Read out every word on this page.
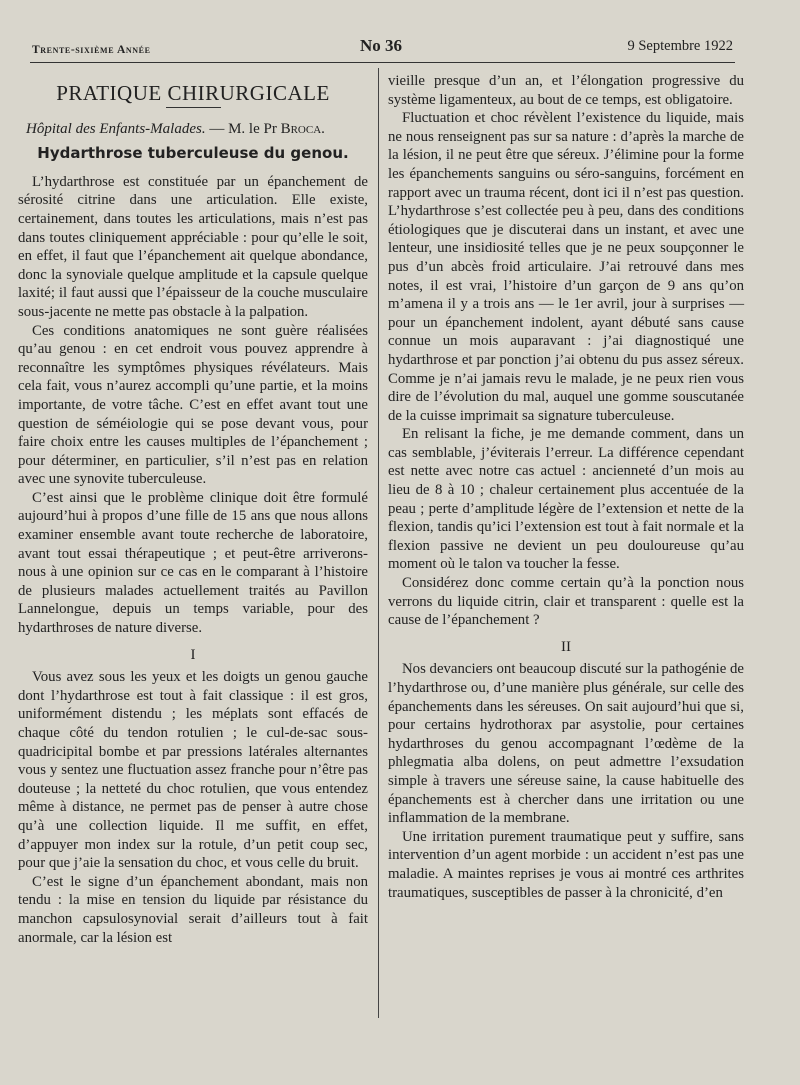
Trente-sixième Année	No 36	9 Septembre 1922
PRATIQUE CHIRURGICALE
Hôpital des Enfants-Malades. — M. le Pr Broca.
Hydarthrose tuberculeuse du genou.

L’hydarthrose est constituée par un épanchement de sérosité citrine dans une articulation. Elle existe, certainement, dans toutes les articulations, mais n’est pas dans toutes cliniquement appréciable : pour qu’elle le soit, en effet, il faut que l’épanchement ait quelque abondance, donc la synoviale quelque amplitude et la capsule quelque laxité; il faut aussi que l’épaisseur de la couche musculaire sous-jacente ne mette pas obstacle à la palpation.

Ces conditions anatomiques ne sont guère réalisées qu’au genou : en cet endroit vous pouvez apprendre à reconnaître les symptômes physiques révélateurs. Mais cela fait, vous n’aurez accompli qu’une partie, et la moins importante, de votre tâche. C’est en effet avant tout une question de séméiologie qui se pose devant vous, pour faire choix entre les causes multiples de l’épanchement ; pour déterminer, en particulier, s’il n’est pas en relation avec une synovite tuberculeuse.

C’est ainsi que le problème clinique doit être formulé aujourd’hui à propos d’une fille de 15 ans que nous allons examiner ensemble avant toute recherche de laboratoire, avant tout essai thérapeutique ; et peut-être arriverons-nous à une opinion sur ce cas en le comparant à l’histoire de plusieurs malades actuellement traités au Pavillon Lannelongue, depuis un temps variable, pour des hydarthroses de nature diverse.

I

Vous avez sous les yeux et les doigts un genou gauche dont l’hydarthrose est tout à fait classique : il est gros, uniformément distendu ; les méplats sont effacés de chaque côté du tendon rotulien ; le cul-de-sac sous-quadricipital bombe et par pressions latérales alternantes vous y sentez une fluctuation assez franche pour n’être pas douteuse ; la netteté du choc rotulien, que vous entendez même à distance, ne permet pas de penser à autre chose qu’à une collection liquide. Il me suffit, en effet, d’appuyer mon index sur la rotule, d’un petit coup sec, pour que j’aie la sensation du choc, et vous celle du bruit.

C’est le signe d’un épanchement abondant, mais non tendu : la mise en tension du liquide par résistance du manchon capsulosynovial serait d’ailleurs tout à fait anormale, car la lésion est

vieille presque d’un an, et l’élongation progressive du système ligamenteux, au bout de ce temps, est obligatoire.

Fluctuation et choc révèlent l’existence du liquide, mais ne nous renseignent pas sur sa nature : d’après la marche de la lésion, il ne peut être que séreux. J’élimine pour la forme les épanchements sanguins ou séro-sanguins, forcément en rapport avec un trauma récent, dont ici il n’est pas question. L’hydarthrose s’est collectée peu à peu, dans des conditions étiologiques que je discuterai dans un instant, et avec une lenteur, une insidiosité telles que je ne peux soupçonner le pus d’un abcès froid articulaire. J’ai retrouvé dans mes notes, il est vrai, l’histoire d’un garçon de 9 ans qu’on m’amena il y a trois ans — le 1er avril, jour à surprises — pour un épanchement indolent, ayant débuté sans cause connue un mois auparavant : j’ai diagnostiqué une hydarthrose et par ponction j’ai obtenu du pus assez séreux. Comme je n’ai jamais revu le malade, je ne peux rien vous dire de l’évolution du mal, auquel une gomme souscutanée de la cuisse imprimait sa signature tuberculeuse.

En relisant la fiche, je me demande comment, dans un cas semblable, j’éviterais l’erreur. La différence cependant est nette avec notre cas actuel : ancienneté d’un mois au lieu de 8 à 10 ; chaleur certainement plus accentuée de la peau ; perte d’amplitude légère de l’extension et nette de la flexion, tandis qu’ici l’extension est tout à fait normale et la flexion passive ne devient un peu douloureuse qu’au moment où le talon va toucher la fesse.

Considérez donc comme certain qu’à la ponction nous verrons du liquide citrin, clair et transparent : quelle est la cause de l’épanchement ?

II

Nos devanciers ont beaucoup discuté sur la pathogénie de l’hydarthrose ou, d’une manière plus générale, sur celle des épanchements dans les séreuses. On sait aujourd’hui que si, pour certains hydrothorax par asystolie, pour certaines hydarthroses du genou accompagnant l’œdème de la phlegmatia alba dolens, on peut admettre l’exsudation simple à travers une séreuse saine, la cause habituelle des épanchements est à chercher dans une irritation ou une inflammation de la membrane.

Une irritation purement traumatique peut y suffire, sans intervention d’un agent morbide : un accident n’est pas une maladie. A maintes reprises je vous ai montré ces arthrites traumatiques, susceptibles de passer à la chronicité, d’en
